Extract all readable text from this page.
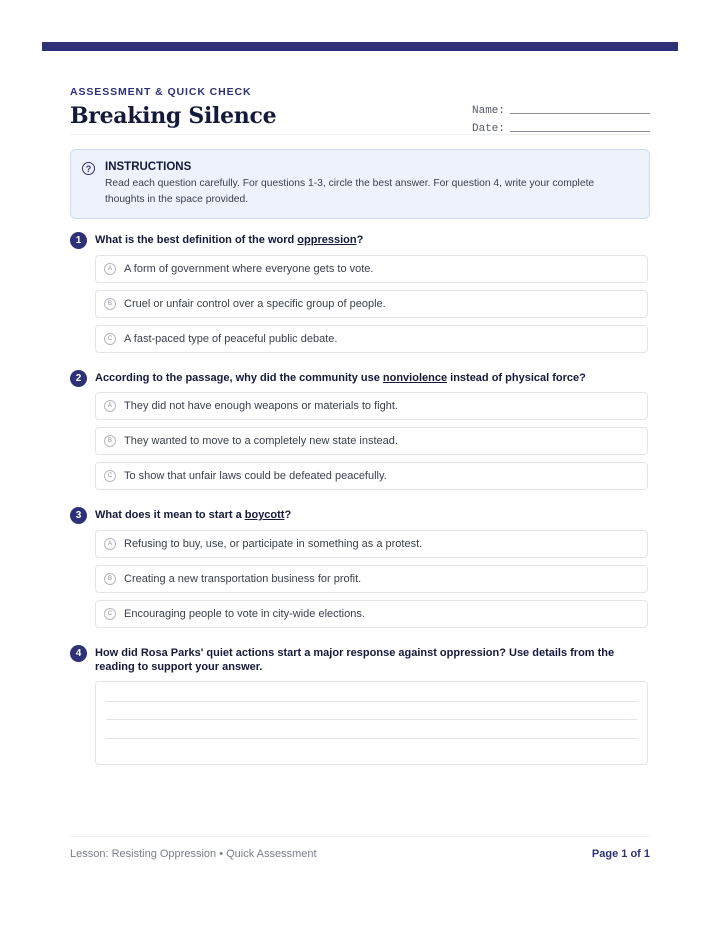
ASSESSMENT & QUICK CHECK
Breaking Silence	Name:
Date:
?	INSTRUCTIONS
Read each question carefully. For questions 1-3, circle the best answer. For question 4, write your complete thoughts in the space provided.
1	What is the best definition of the word oppression?
A	A form of government where everyone gets to vote.
B	Cruel or unfair control over a specific group of people.
C	A fast-paced type of peaceful public debate.
2	According to the passage, why did the community use nonviolence instead of physical force?
A	They did not have enough weapons or materials to fight.
B	They wanted to move to a completely new state instead.
C	To show that unfair laws could be defeated peacefully.
3	What does it mean to start a boycott?
A	Refusing to buy, use, or participate in something as a protest.
B	Creating a new transportation business for profit.
C	Encouraging people to vote in city-wide elections.
4	How did Rosa Parks' quiet actions start a major response against oppression? Use details from the reading to support your answer.
Lesson: Resisting Oppression • Quick Assessment	Page 1 of 1
